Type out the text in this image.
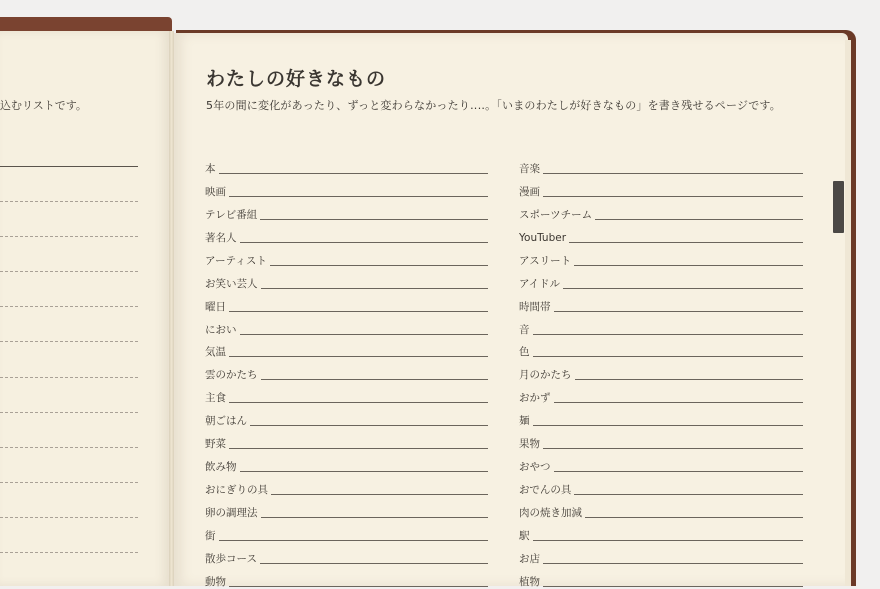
込むリストです。
わたしの好きなもの
5年の間に変化があったり、ずっと変わらなかったり‥‥。「いまのわたしが好きなもの」を書き残せるページです。
本
映画
テレビ番組
著名人
アーティスト
お笑い芸人
曜日
におい
気温
雲のかたち
主食
朝ごはん
野菜
飲み物
おにぎりの具
卵の調理法
街
散歩コース
動物
音楽
漫画
スポーツチーム
YouTuber
アスリート
アイドル
時間帯
音
色
月のかたち
おかず
麺
果物
おやつ
おでんの具
肉の焼き加減
駅
お店
植物
